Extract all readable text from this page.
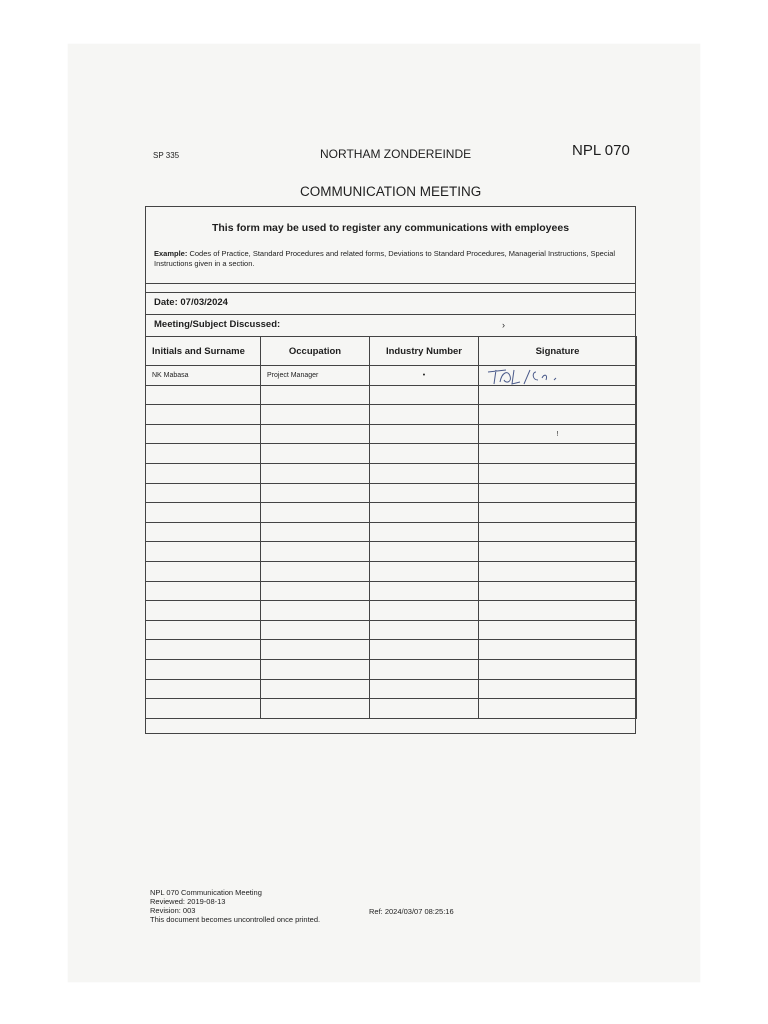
SP 335	NORTHAM ZONDEREINDE	NPL 070
COMMUNICATION MEETING
This form may be used to register any communications with employees
Example: Codes of Practice, Standard Procedures and related forms, Deviations to Standard Procedures, Managerial Instructions, Special Instructions given in a section.
Date: 07/03/2024
Meeting/Subject Discussed:	›
Initials and Surname	Occupation	Industry Number	Signature
NK Mabasa	Project Manager	•	

			!

NPL 070 Communication Meeting
Reviewed: 2019-08-13
Revision: 003
This document becomes uncontrolled once printed.
Ref: 2024/03/07 08:25:16
